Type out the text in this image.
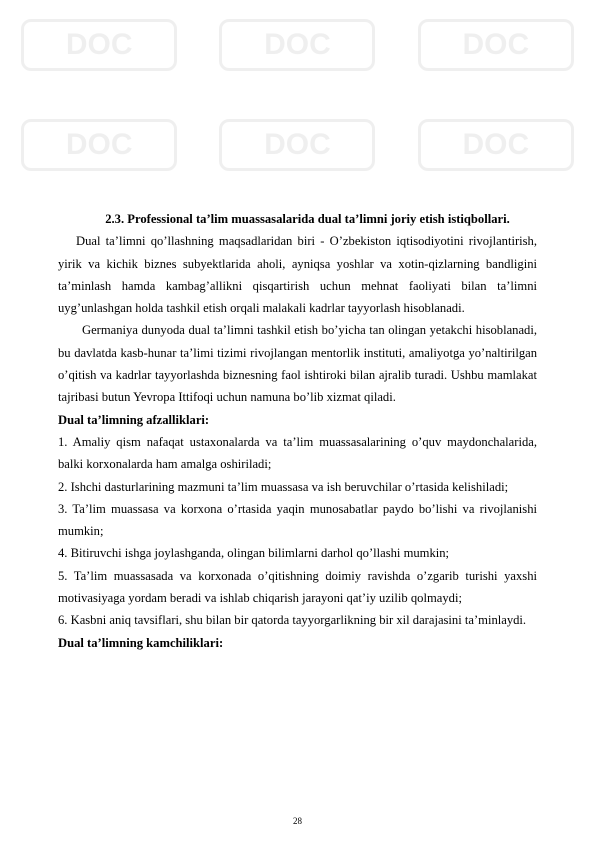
DOC	DOC	DOC
DOC	DOC	DOC

2.3. Professional ta’lim muassasalarida dual ta’limni joriy etish istiqbollari.

Dual ta’limni qo’llashning maqsadlaridan biri - O’zbekiston iqtisodiyotini rivojlantirish, yirik va kichik biznes subyektlarida aholi, ayniqsa yoshlar va xotin-qizlarning bandligini ta’minlash hamda kambag’allikni qisqartirish uchun mehnat faoliyati bilan ta’limni uyg’unlashgan holda tashkil etish orqali malakali kadrlar tayyorlash hisoblanadi.

Germaniya dunyoda dual ta’limni tashkil etish bo’yicha tan olingan yetakchi hisoblanadi, bu davlatda kasb-hunar ta’limi tizimi rivojlangan mentorlik instituti, amaliyotga yo’naltirilgan o’qitish va kadrlar tayyorlashda biznesning faol ishtiroki bilan ajralib turadi. Ushbu mamlakat tajribasi butun Yevropa Ittifoqi uchun namuna bo’lib xizmat qiladi.

Dual ta’limning afzalliklari:

1. Amaliy qism nafaqat ustaxonalarda va ta’lim muassasalarining o’quv maydonchalarida, balki korxonalarda ham amalga oshiriladi;

2. Ishchi dasturlarining mazmuni ta’lim muassasa va ish beruvchilar o’rtasida kelishiladi;

3. Ta’lim muassasa va korxona o’rtasida yaqin munosabatlar paydo bo’lishi va rivojlanishi mumkin;

4. Bitiruvchi ishga joylashganda, olingan bilimlarni darhol qo’llashi mumkin;

5. Ta’lim muassasada va korxonada o’qitishning doimiy ravishda o’zgarib turishi yaxshi motivasiyaga yordam beradi va ishlab chiqarish jarayoni qat’iy uzilib qolmaydi;

6. Kasbni aniq tavsiflari, shu bilan bir qatorda tayyorgarlikning bir xil darajasini ta’minlaydi.

Dual ta’limning kamchiliklari:

28
